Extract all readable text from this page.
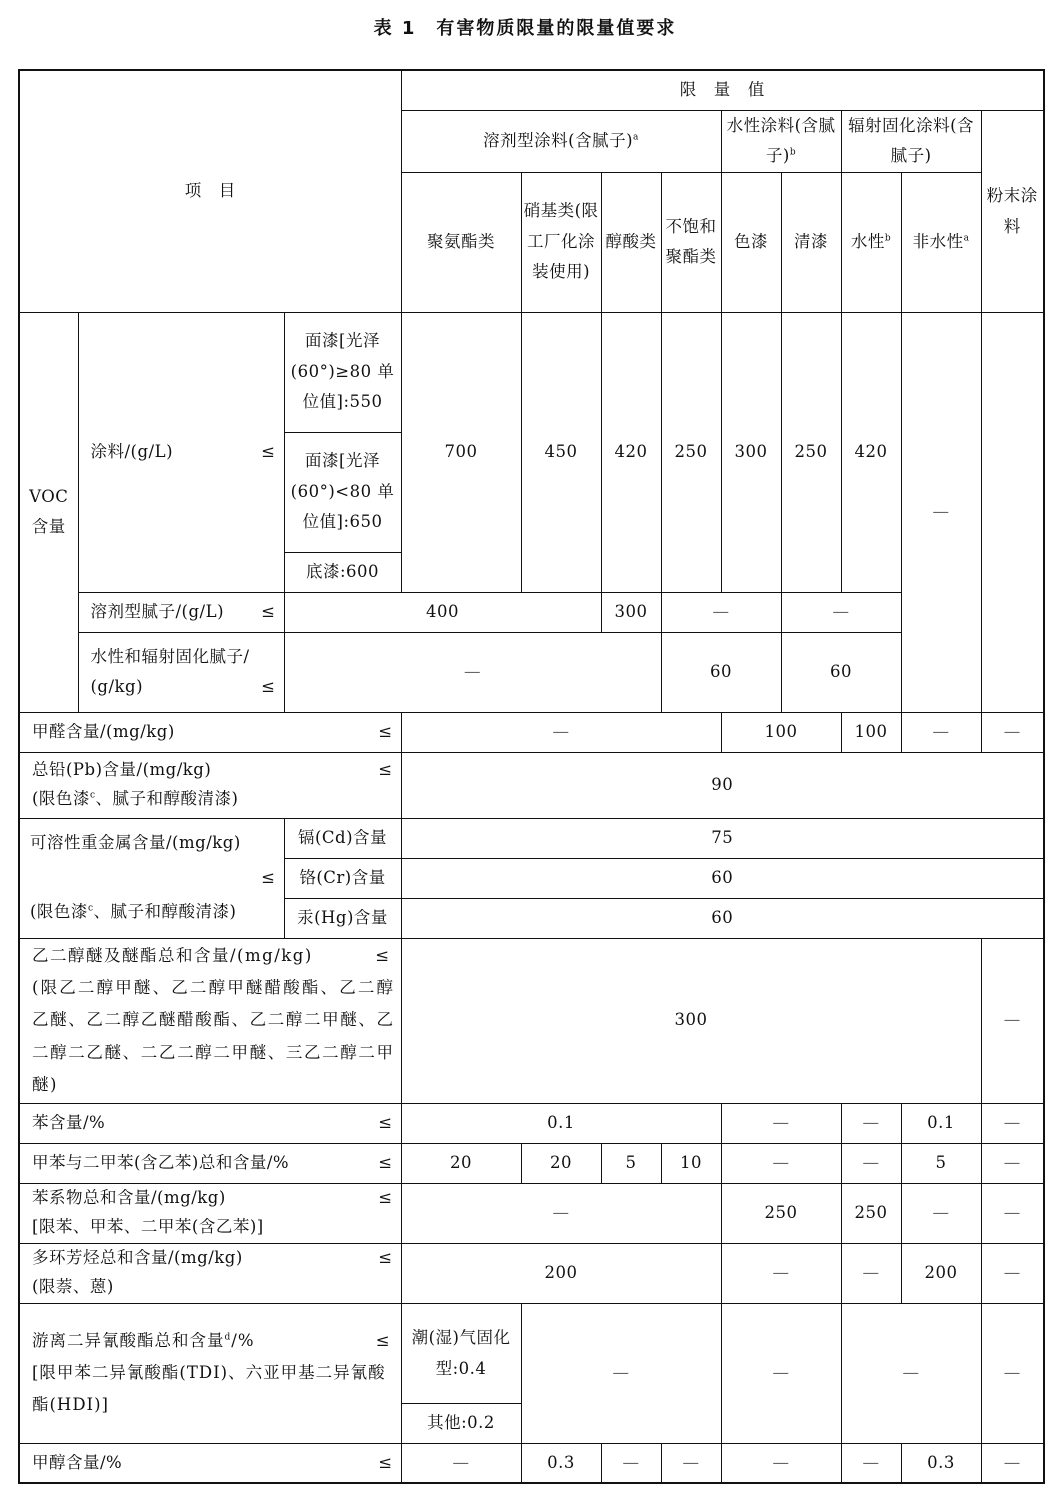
表 1　有害物质限量的限量值要求
项　目			限　量　值								
			溶剂型涂料(含腻子)$^a$				水性涂料(含腻子)$^b$		辐射固化涂料(含腻子)		粉末涂料
			聚氨酯类	硝基类(限工厂化涂装使用)	醇酸类	不饱和聚酯类	色漆	清漆	水性$^b$	非水性$^a$
VOC含量	涂料/(g/L) ≤	面漆[光泽(60°)≥80 单位值]:550	700	450	420	250	300	250	420	—	
		面漆[光泽(60°)<80 单位值]:650									
		底漆:600									
	溶剂型腻子/(g/L) ≤	400			300	—		—			
	水性和辐射固化腻子/ (g/kg) ≤	—				60		60			
甲醛含量/(mg/kg) ≤			—				100		100	—	—
总铅(Pb)含量/(mg/kg) ≤

(限色漆$^c$、腻子和醇酸清漆)			90								
可溶性重金属含量/(mg/kg)

≤
(限色漆$^c$、腻子和醇酸清漆)		镉(Cd)含量	75								
		铬(Cr)含量	60								
		汞(Hg)含量	60								
乙二醇醚及醚酯总和含量/(mg/kg) ≤

(限乙二醇甲醚、乙二醇甲醚醋酸酯、乙二醇乙醚、乙二醇乙醚醋酸酯、乙二醇二甲醚、乙二醇二乙醚、二乙二醇二甲醚、三乙二醇二甲醚)			300								—
苯含量/% ≤			0.1				—		—	0.1	—
甲苯与二甲苯(含乙苯)总和含量/% ≤			20	20	5	10	—		—	5	—
苯系物总和含量/(mg/kg) ≤

[限苯、甲苯、二甲苯(含乙苯)]			—				250		250	—	—
多环芳烃总和含量/(mg/kg) ≤

(限萘、蒽)			200				—		—	200	—
游离二异氰酸酯总和含量$^d$/% ≤

[限甲苯二异氰酸酯(TDI)、六亚甲基二异氰酸酯(HDI)]			潮(湿)气固化型:0.4	—			—		—		—
			其他:0.2								
甲醇含量/% ≤			—	0.3	—	—	—		—	0.3	—
